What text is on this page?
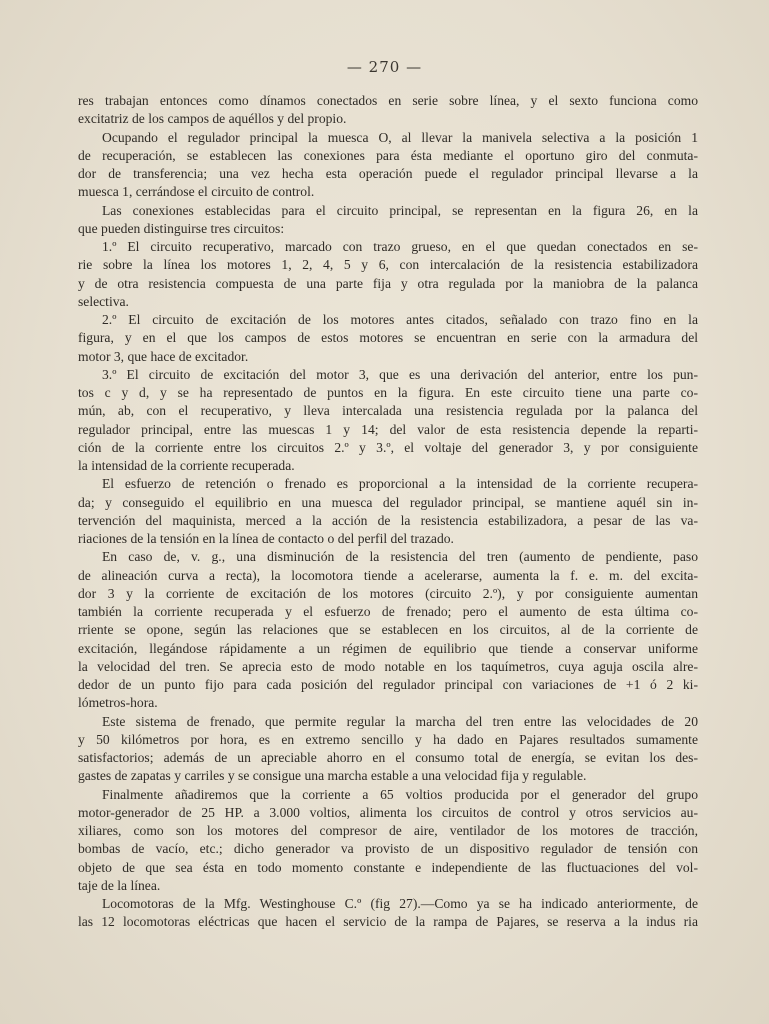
— 270 —
res trabajan entonces como dínamos conectados en serie sobre línea, y el sexto funciona como
excitatriz de los campos de aquéllos y del propio.
Ocupando el regulador principal la muesca O, al llevar la manivela selectiva a la posición 1
de recuperación, se establecen las conexiones para ésta mediante el oportuno giro del conmuta-
dor de transferencia; una vez hecha esta operación puede el regulador principal llevarse a la
muesca 1, cerrándose el circuito de control.
Las conexiones establecidas para el circuito principal, se representan en la figura 26, en la
que pueden distinguirse tres circuitos:
1.º El circuito recuperativo, marcado con trazo grueso, en el que quedan conectados en se-
rie sobre la línea los motores 1, 2, 4, 5 y 6, con intercalación de la resistencia estabilizadora
y de otra resistencia compuesta de una parte fija y otra regulada por la maniobra de la palanca
selectiva.
2.º El circuito de excitación de los motores antes citados, señalado con trazo fino en la
figura, y en el que los campos de estos motores se encuentran en serie con la armadura del
motor 3, que hace de excitador.
3.º El circuito de excitación del motor 3, que es una derivación del anterior, entre los pun-
tos c y d, y se ha representado de puntos en la figura. En este circuito tiene una parte co-
mún, ab, con el recuperativo, y lleva intercalada una resistencia regulada por la palanca del
regulador principal, entre las muescas 1 y 14; del valor de esta resistencia depende la reparti-
ción de la corriente entre los circuitos 2.º y 3.º, el voltaje del generador 3, y por consiguiente
la intensidad de la corriente recuperada.
El esfuerzo de retención o frenado es proporcional a la intensidad de la corriente recupera-
da; y conseguido el equilibrio en una muesca del regulador principal, se mantiene aquél sin in-
tervención del maquinista, merced a la acción de la resistencia estabilizadora, a pesar de las va-
riaciones de la tensión en la línea de contacto o del perfil del trazado.
En caso de, v. g., una disminución de la resistencia del tren (aumento de pendiente, paso
de alineación curva a recta), la locomotora tiende a acelerarse, aumenta la f. e. m. del excita-
dor 3 y la corriente de excitación de los motores (circuito 2.º), y por consiguiente aumentan
también la corriente recuperada y el esfuerzo de frenado; pero el aumento de esta última co-
rriente se opone, según las relaciones que se establecen en los circuitos, al de la corriente de
excitación, llegándose rápidamente a un régimen de equilibrio que tiende a conservar uniforme
la velocidad del tren. Se aprecia esto de modo notable en los taquímetros, cuya aguja oscila alre-
dedor de un punto fijo para cada posición del regulador principal con variaciones de +1 ó 2 ki-
lómetros-hora.
Este sistema de frenado, que permite regular la marcha del tren entre las velocidades de 20
y 50 kilómetros por hora, es en extremo sencillo y ha dado en Pajares resultados sumamente
satisfactorios; además de un apreciable ahorro en el consumo total de energía, se evitan los des-
gastes de zapatas y carriles y se consigue una marcha estable a una velocidad fija y regulable.
Finalmente añadiremos que la corriente a 65 voltios producida por el generador del grupo
motor-generador de 25 HP. a 3.000 voltios, alimenta los circuitos de control y otros servicios au-
xiliares, como son los motores del compresor de aire, ventilador de los motores de tracción,
bombas de vacío, etc.; dicho generador va provisto de un dispositivo regulador de tensión con
objeto de que sea ésta en todo momento constante e independiente de las fluctuaciones del vol-
taje de la línea.
Locomotoras de la Mfg. Westinghouse C.º (fig 27).—Como ya se ha indicado anteriormente, de
las 12 locomotoras eléctricas que hacen el servicio de la rampa de Pajares, se reserva a la indus ria
